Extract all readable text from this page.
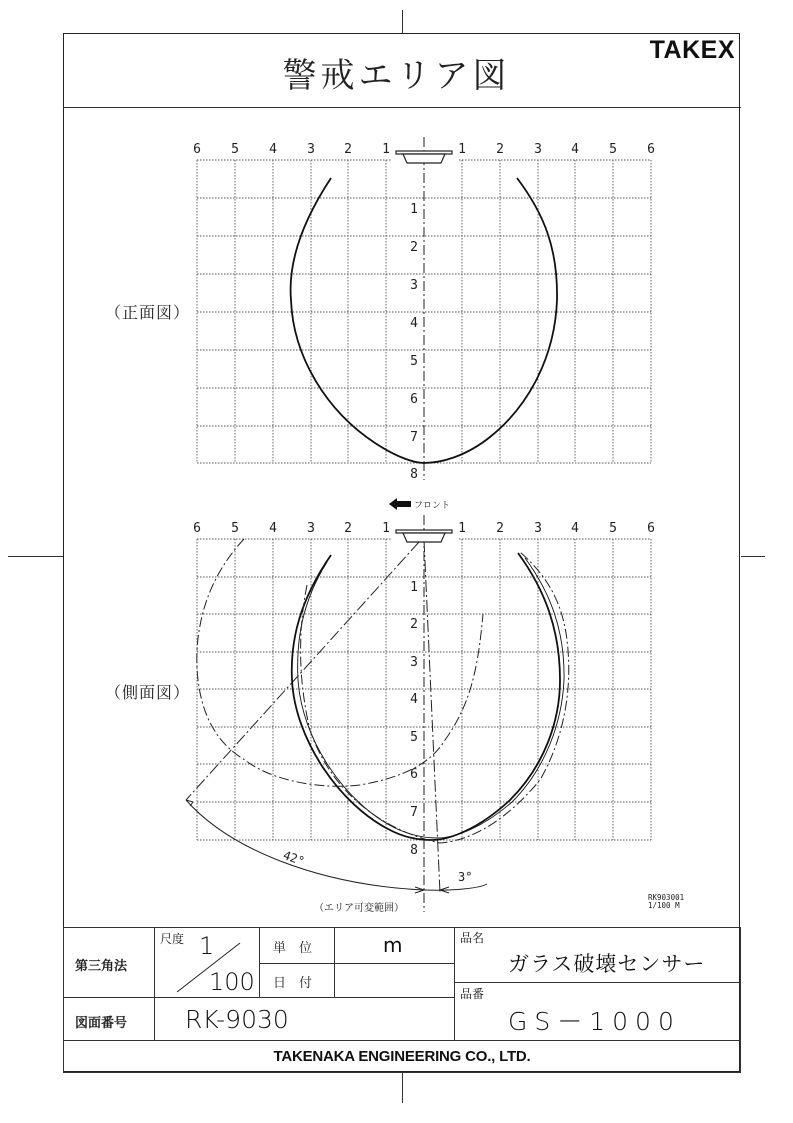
警戒エリア図
TAKEX
（正面図）
（側面図）
6 5 4 3 2 1	1 2 3 4 5 6
1
2
3
4
5
6
7
8
フロント
6 5 4 3 2 1	1 2 3 4 5 6
1
2
3
4
5
6
7
8
42°
3°
（エリア可変範囲）
RK903001
1/100 M
第三角法
尺度 1
100
単　位	m
日　付
図面番号 RK-9030
品名
ガラス破壊センサー
品番
GS－1000
TAKENAKA ENGINEERING CO., LTD.
